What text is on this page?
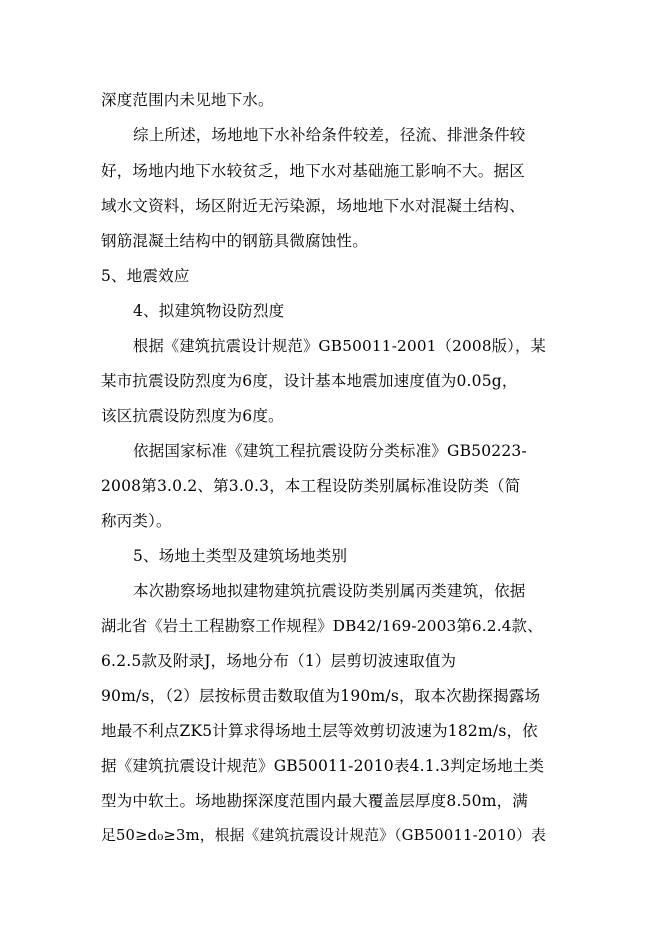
深度范围内未见地下水。
综上所述，场地地下水补给条件较差，径流、排泄条件较
好，场地内地下水较贫乏，地下水对基础施工影响不大。据区
域水文资料，场区附近无污染源，场地地下水对混凝土结构、
钢筋混凝土结构中的钢筋具微腐蚀性。
5、地震效应
4、拟建筑物设防烈度
根据《建筑抗震设计规范》GB50011-2001（2008版），某
某市抗震设防烈度为6度，设计基本地震加速度值为0.05g，
该区抗震设防烈度为6度。
依据国家标准《建筑工程抗震设防分类标准》GB50223-
2008第3.0.2、第3.0.3，本工程设防类别属标准设防类（简
称丙类）。
5、场地土类型及建筑场地类别
本次勘察场地拟建物建筑抗震设防类别属丙类建筑，依据
湖北省《岩土工程勘察工作规程》DB42/169-2003第6.2.4款、
6.2.5款及附录J，场地分布（1）层剪切波速取值为
90m/s，（2）层按标贯击数取值为190m/s，取本次勘探揭露场
地最不利点ZK5计算求得场地土层等效剪切波速为182m/s，依
据《建筑抗震设计规范》GB50011-2010表4.1.3判定场地土类
型为中软土。场地勘探深度范围内最大覆盖层厚度8.50m，满
足50≥d₀≥3m，根据《建筑抗震设计规范》（GB50011-2010）表
